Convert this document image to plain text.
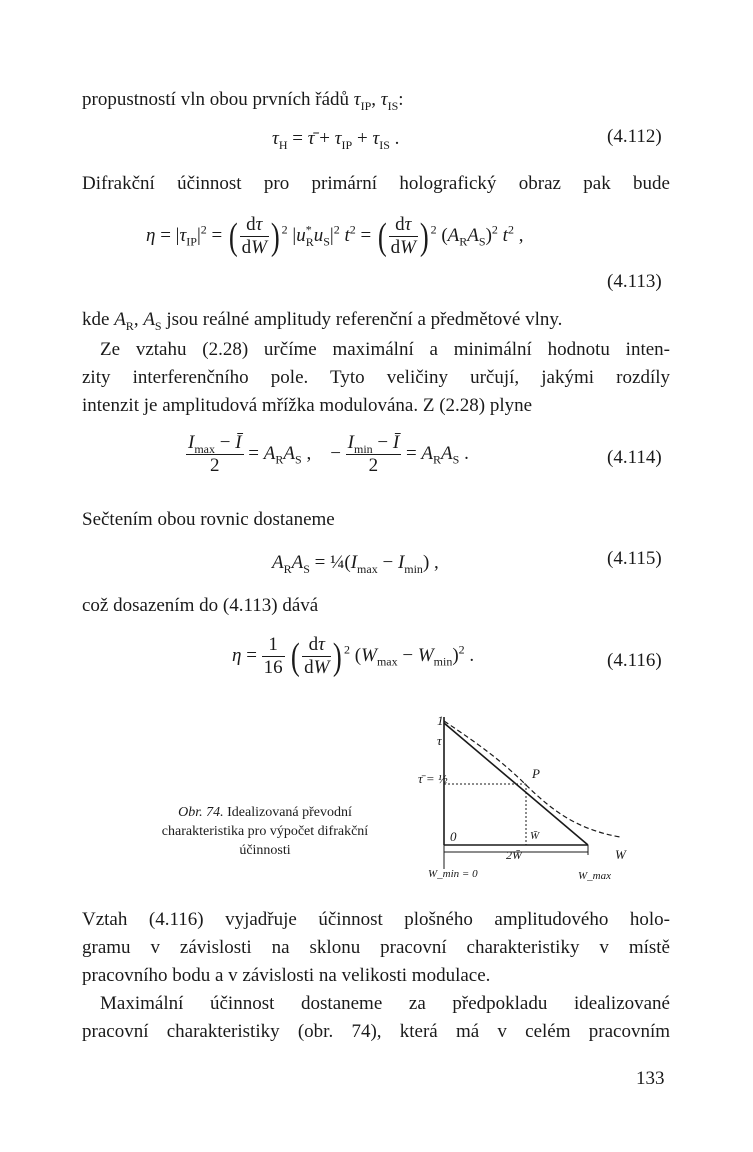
propustností vln obou prvních řádů $\tau_{IP}$, $\tau_{IS}$:
$\tau_H$ = τ̄ + $\tau_{IP} + \tau_{IS}$ .	(4.112)
Difrakční účinnost pro primární holografický obraz pak bude
$\eta = |\tau_{IP}|^2$ = ( $\frac{d\tau}{dW}$ ) $^2$ $|u^*_Ru_S|^2$ $t^2$ = ( $\frac{d\tau}{dW}$ ) $^2$ $(A_RA_S)^2$ $t^2$ ,
(4.113)
kde $A_R$, $A_S$ jsou reálné amplitudy referenční a předmětové vlny.
Ze vztahu (2.28) určíme maximální a minimální hodnotu inten-
zity interferenčního pole. Tyto veličiny určují, jakými rozdíly
intenzit je amplitudová mřížka modulována. Z (2.28) plyne
$\frac{I_{max} - Ī}{2} = A_RA_S$ ,    − $\frac{I_{min} - Ī}{2} = A_RA_S$ .	(4.114)
Sečtením obou rovnic dostaneme
$A_RA_S$ = $\frac{1}{4}(I_{max} - I_{min})$ ,	(4.115)
což dosazením do (4.113) dává
$\eta = \frac{1}{16}$ ( $\frac{d\tau}{dW}$ ) $^2$ $(W_{max} - W_{min})^2$ .	(4.116)
1
τ
τ̄ = ½
0
P
W̄
2W̄	W
W_min = 0	W_max
Obr. 74. Idealizovaná převodní charakteristika pro výpočet difrakční účinnosti
Vztah (4.116) vyjadřuje účinnost plošného amplitudového holo-
gramu v závislosti na sklonu pracovní charakteristiky v místě
pracovního bodu a v závislosti na velikosti modulace.
Maximální účinnost dostaneme za předpokladu idealizované
pracovní charakteristiky (obr. 74), která má v celém pracovním
133
